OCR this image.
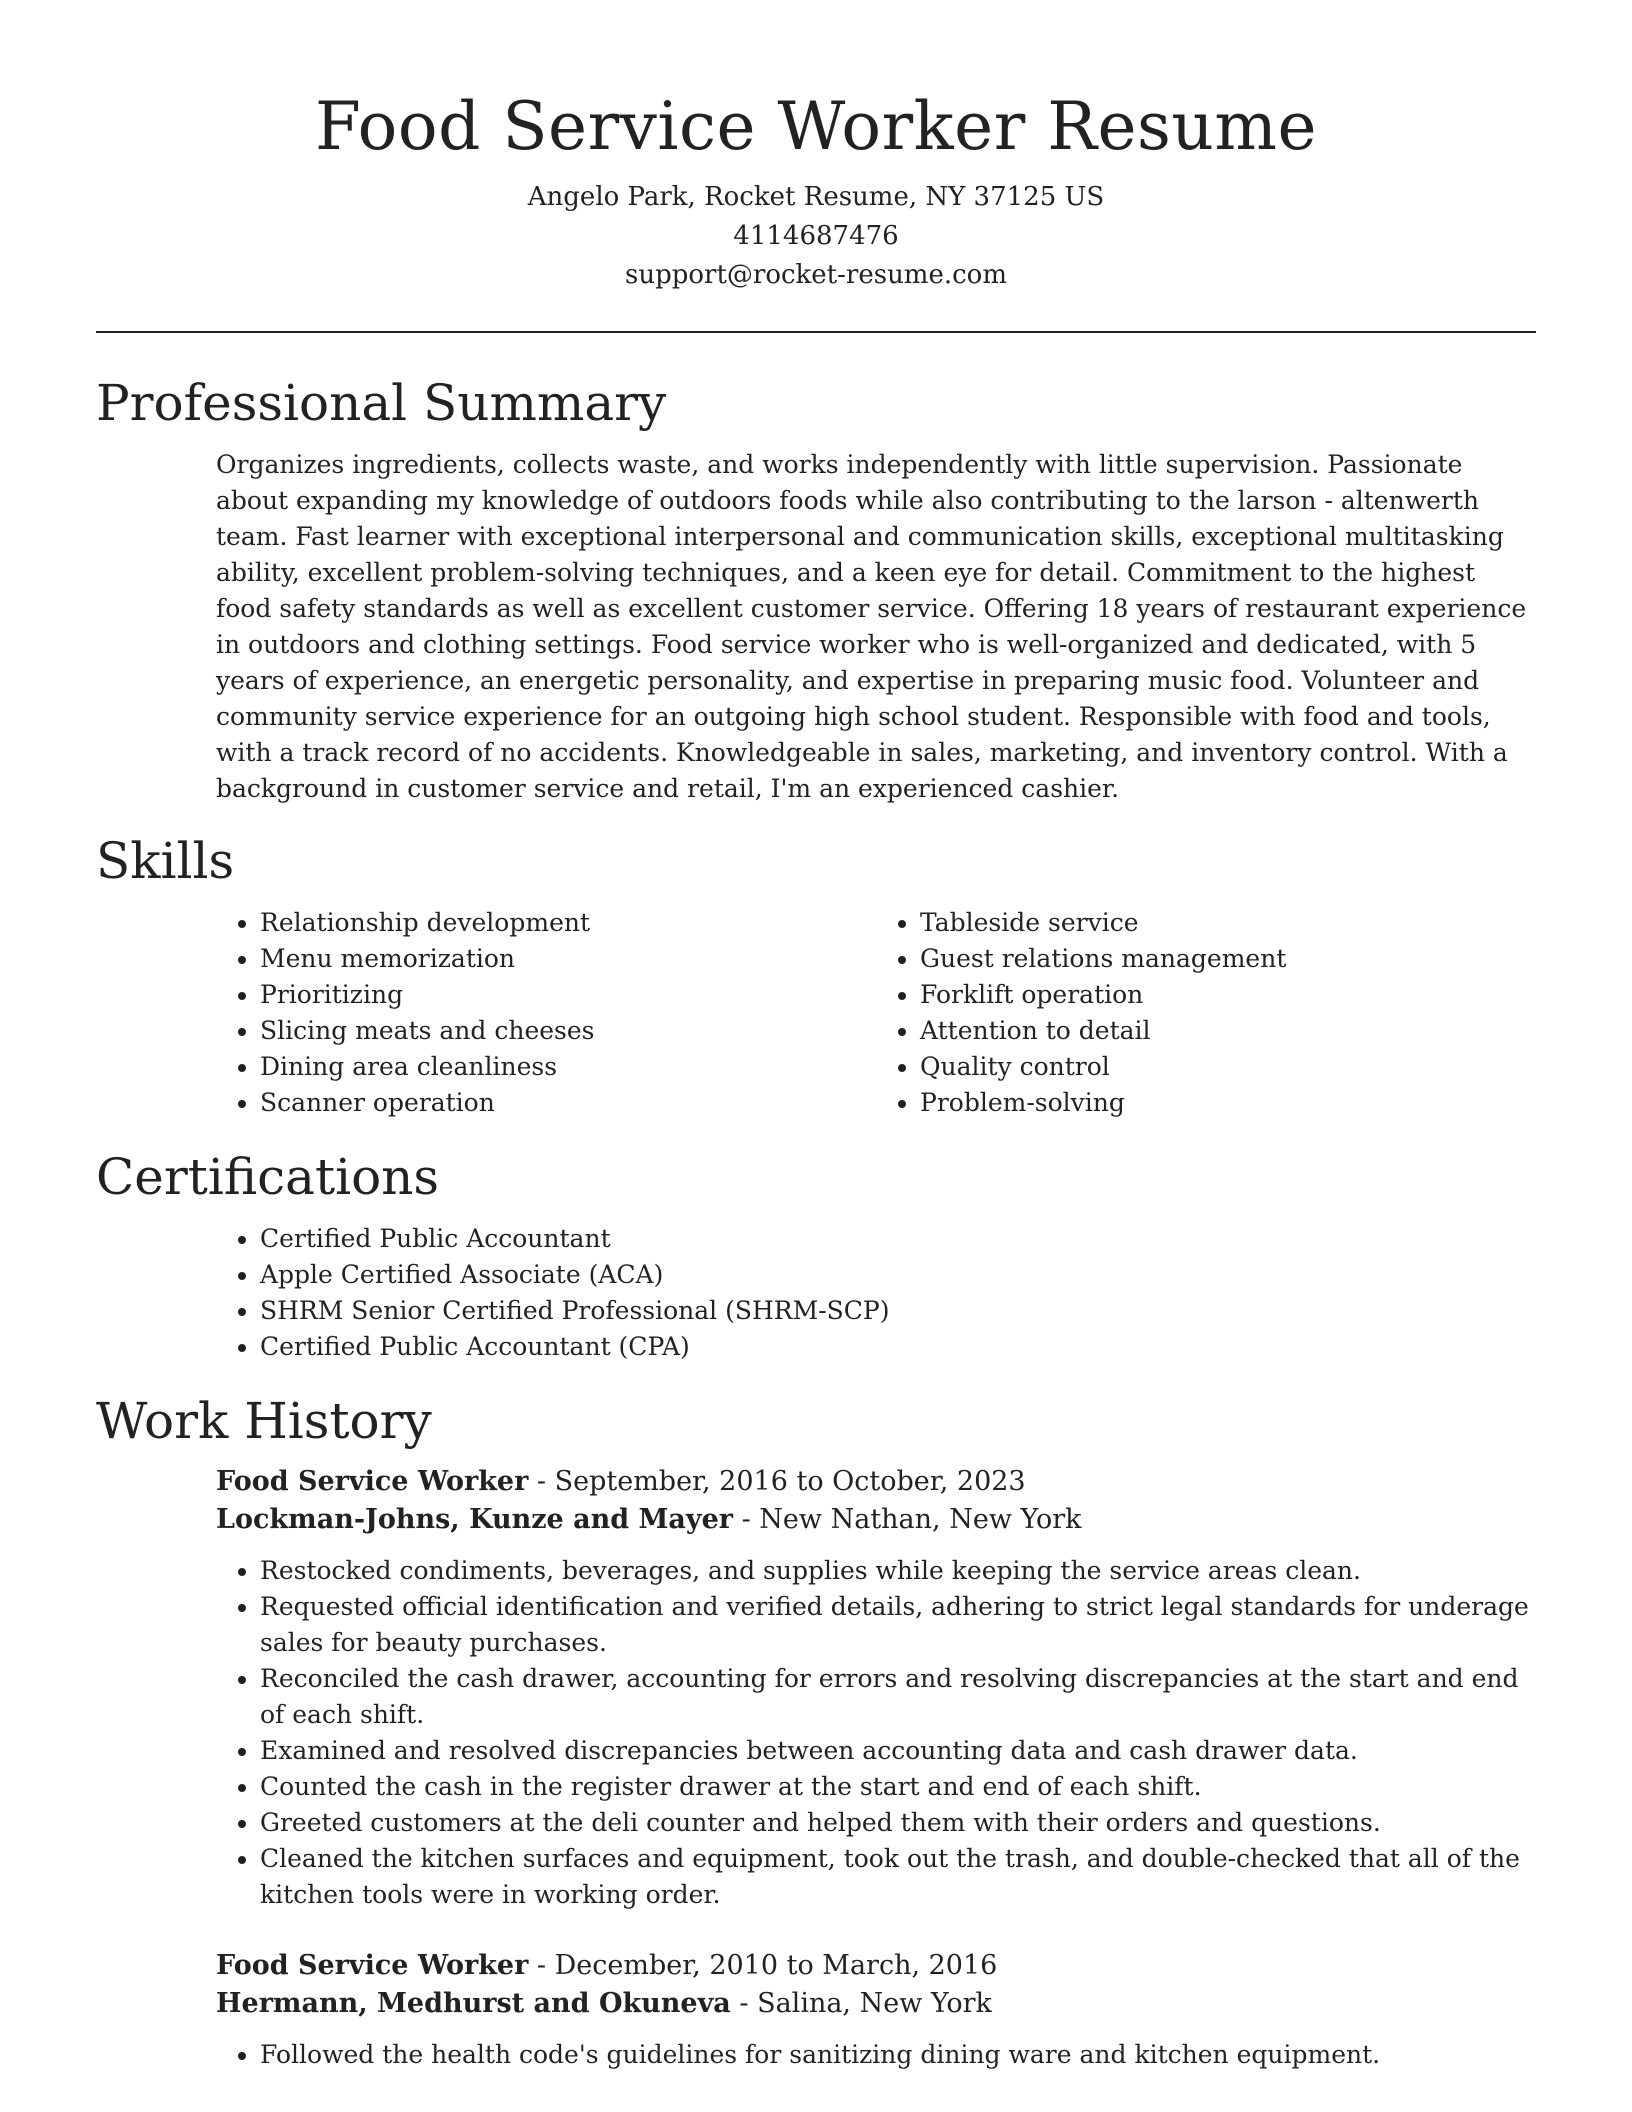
Food Service Worker Resume
Angelo Park, Rocket Resume, NY 37125 US
4114687476
support@rocket-resume.com
Professional Summary

Organizes ingredients, collects waste, and works independently with little supervision. Passionate about expanding my knowledge of outdoors foods while also contributing to the larson - altenwerth team. Fast learner with exceptional interpersonal and communication skills, exceptional multitasking ability, excellent problem-solving techniques, and a keen eye for detail. Commitment to the highest food safety standards as well as excellent customer service. Offering 18 years of restaurant experience in outdoors and clothing settings. Food service worker who is well-organized and dedicated, with 5 years of experience, an energetic personality, and expertise in preparing music food. Volunteer and community service experience for an outgoing high school student. Responsible with food and tools, with a track record of no accidents. Knowledgeable in sales, marketing, and inventory control. With a background in customer service and retail, I'm an experienced cashier.

Skills
• Relationship development
• Menu memorization
• Prioritizing
• Slicing meats and cheeses
• Dining area cleanliness
• Scanner operation
• Tableside service
• Guest relations management
• Forklift operation
• Attention to detail
• Quality control
• Problem-solving
Certifications
• Certified Public Accountant
• Apple Certified Associate (ACA)
• SHRM Senior Certified Professional (SHRM-SCP)
• Certified Public Accountant (CPA)
Work History
Food Service Worker - September, 2016 to October, 2023
Lockman-Johns, Kunze and Mayer - New Nathan, New York
• Restocked condiments, beverages, and supplies while keeping the service areas clean.
• Requested official identification and verified details, adhering to strict legal standards for underage sales for beauty purchases.
• Reconciled the cash drawer, accounting for errors and resolving discrepancies at the start and end of each shift.
• Examined and resolved discrepancies between accounting data and cash drawer data.
• Counted the cash in the register drawer at the start and end of each shift.
• Greeted customers at the deli counter and helped them with their orders and questions.
• Cleaned the kitchen surfaces and equipment, took out the trash, and double-checked that all of the kitchen tools were in working order.
Food Service Worker - December, 2010 to March, 2016
Hermann, Medhurst and Okuneva - Salina, New York
• Followed the health code's guidelines for sanitizing dining ware and kitchen equipment.
